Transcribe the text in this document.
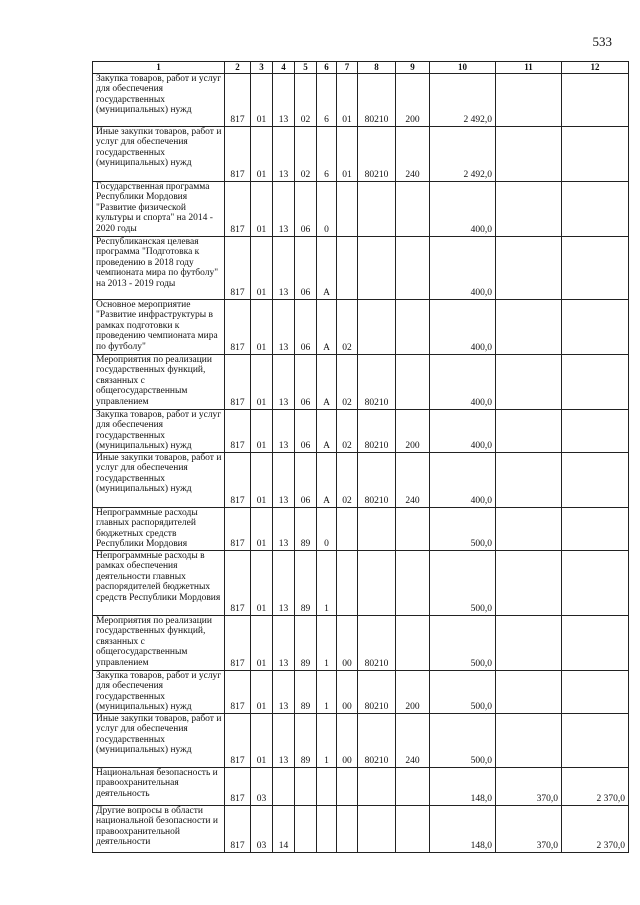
533
1	2	3	4	5	6	7	8	9	10	11	12
Закупка товаров, работ и услуг для обеспечения государственных (муниципальных) нужд	817	01	13	02	6	01	80210	200	2 492,0		
Иные закупки товаров, работ и услуг для обеспечения государственных (муниципальных) нужд	817	01	13	02	6	01	80210	240	2 492,0		
Государственная программа Республики Мордовия "Развитие физической культуры и спорта" на 2014 - 2020 годы	817	01	13	06	0				400,0		
Республиканская целевая программа "Подготовка к проведению в 2018 году чемпионата мира по футболу" на 2013 - 2019 годы	817	01	13	06	А				400,0		
Основное мероприятие "Развитие инфраструктуры в рамках подготовки к проведению чемпионата мира по футболу"	817	01	13	06	А	02			400,0		
Мероприятия по реализации государственных функций, связанных с общегосударственным управлением	817	01	13	06	А	02	80210		400,0		
Закупка товаров, работ и услуг для обеспечения государственных (муниципальных) нужд	817	01	13	06	А	02	80210	200	400,0		
Иные закупки товаров, работ и услуг для обеспечения государственных (муниципальных) нужд	817	01	13	06	А	02	80210	240	400,0		
Непрограммные расходы главных распорядителей бюджетных средств Республики Мордовия	817	01	13	89	0				500,0		
Непрограммные расходы в рамках обеспечения деятельности главных распорядителей бюджетных средств Республики Мордовия	817	01	13	89	1				500,0		
Мероприятия по реализации государственных функций, связанных с общегосударственным управлением	817	01	13	89	1	00	80210		500,0		
Закупка товаров, работ и услуг для обеспечения государственных (муниципальных) нужд	817	01	13	89	1	00	80210	200	500,0		
Иные закупки товаров, работ и услуг для обеспечения государственных (муниципальных) нужд	817	01	13	89	1	00	80210	240	500,0		
Национальная безопасность и правоохранительная деятельность	817	03							148,0	370,0	2 370,0
Другие вопросы в области национальной безопасности и правоохранительной деятельности	817	03	14						148,0	370,0	2 370,0
